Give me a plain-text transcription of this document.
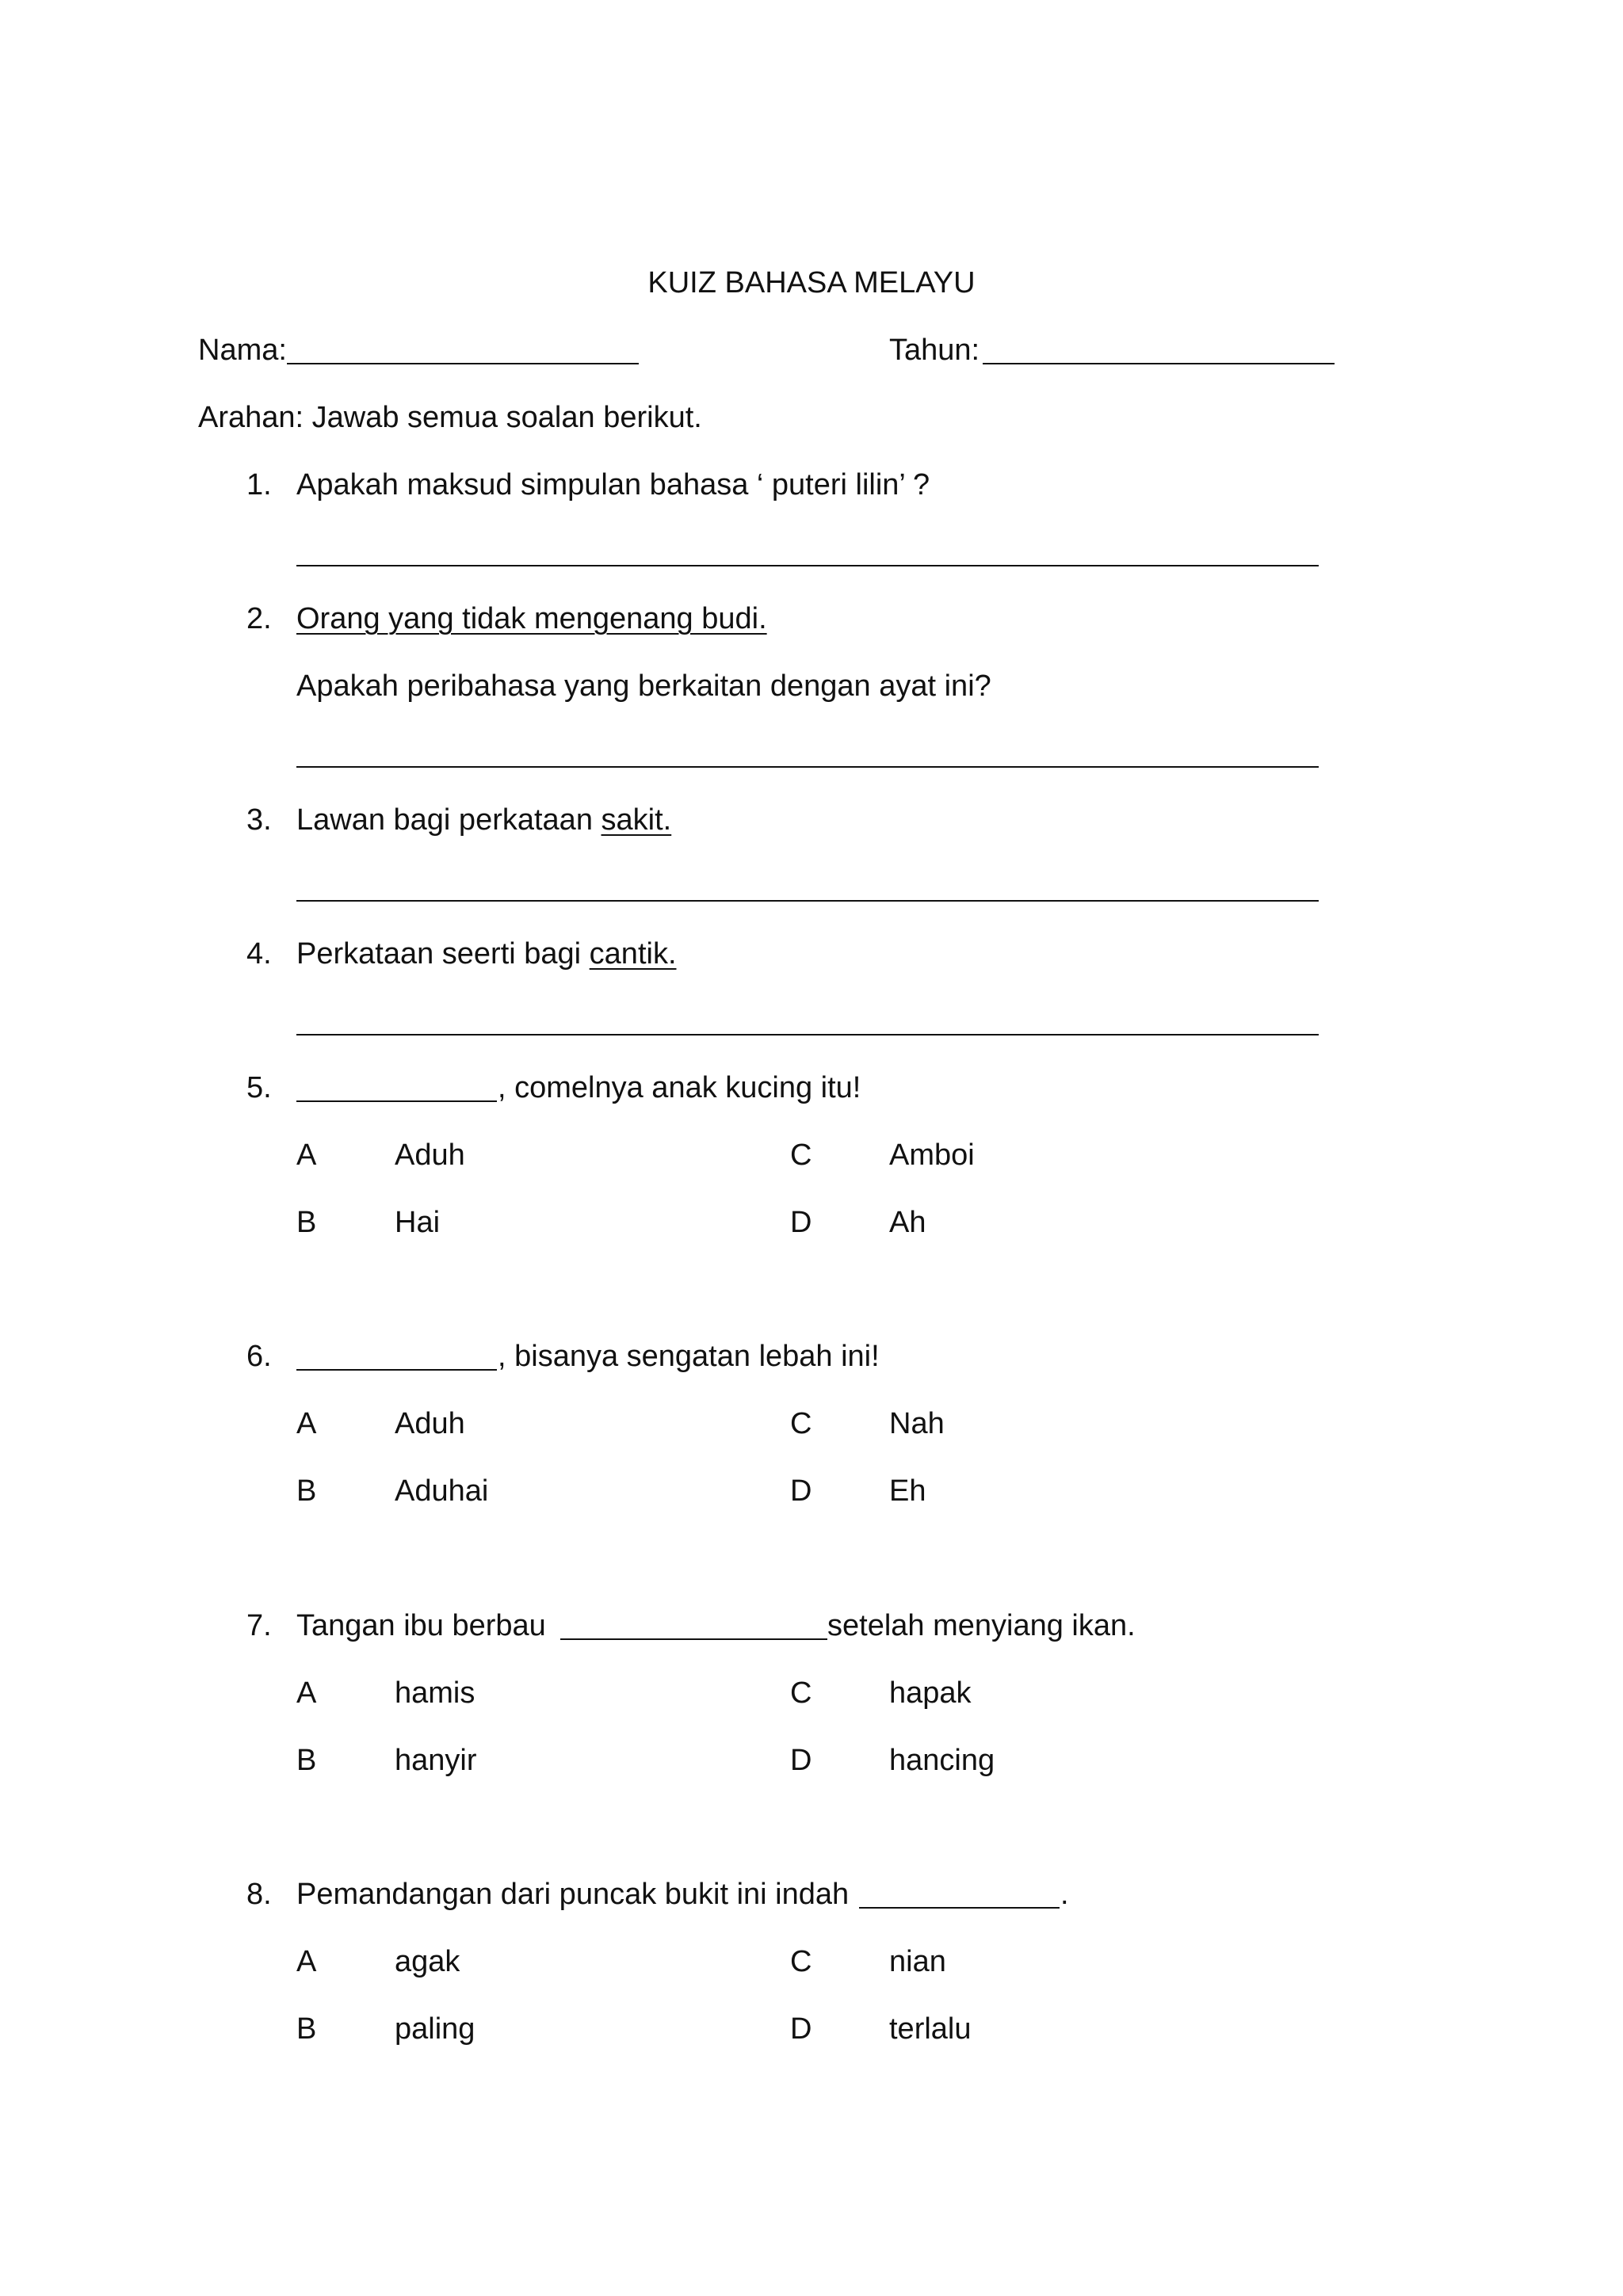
KUIZ BAHASA MELAYU
Nama:	Tahun:
Arahan: Jawab semua soalan berikut.
1. Apakah maksud simpulan bahasa ‘ puteri lilin’ ?
2. Orang yang tidak mengenang budi.
Apakah peribahasa yang berkaitan dengan ayat ini?
3. Lawan bagi perkataan sakit.
4. Perkataan seerti bagi cantik.
5.	, comelnya anak kucing itu!
A	Aduh	C	Amboi
B	Hai	D	Ah
6.	, bisanya sengatan lebah ini!
A	Aduh	C	Nah
B	Aduhai	D	Eh
7. Tangan ibu berbau	setelah menyiang ikan.
A	hamis	C	hapak
B	hanyir	D	hancing
8. Pemandangan dari puncak bukit ini indah	.
A	agak	C	nian
B	paling	D	terlalu
